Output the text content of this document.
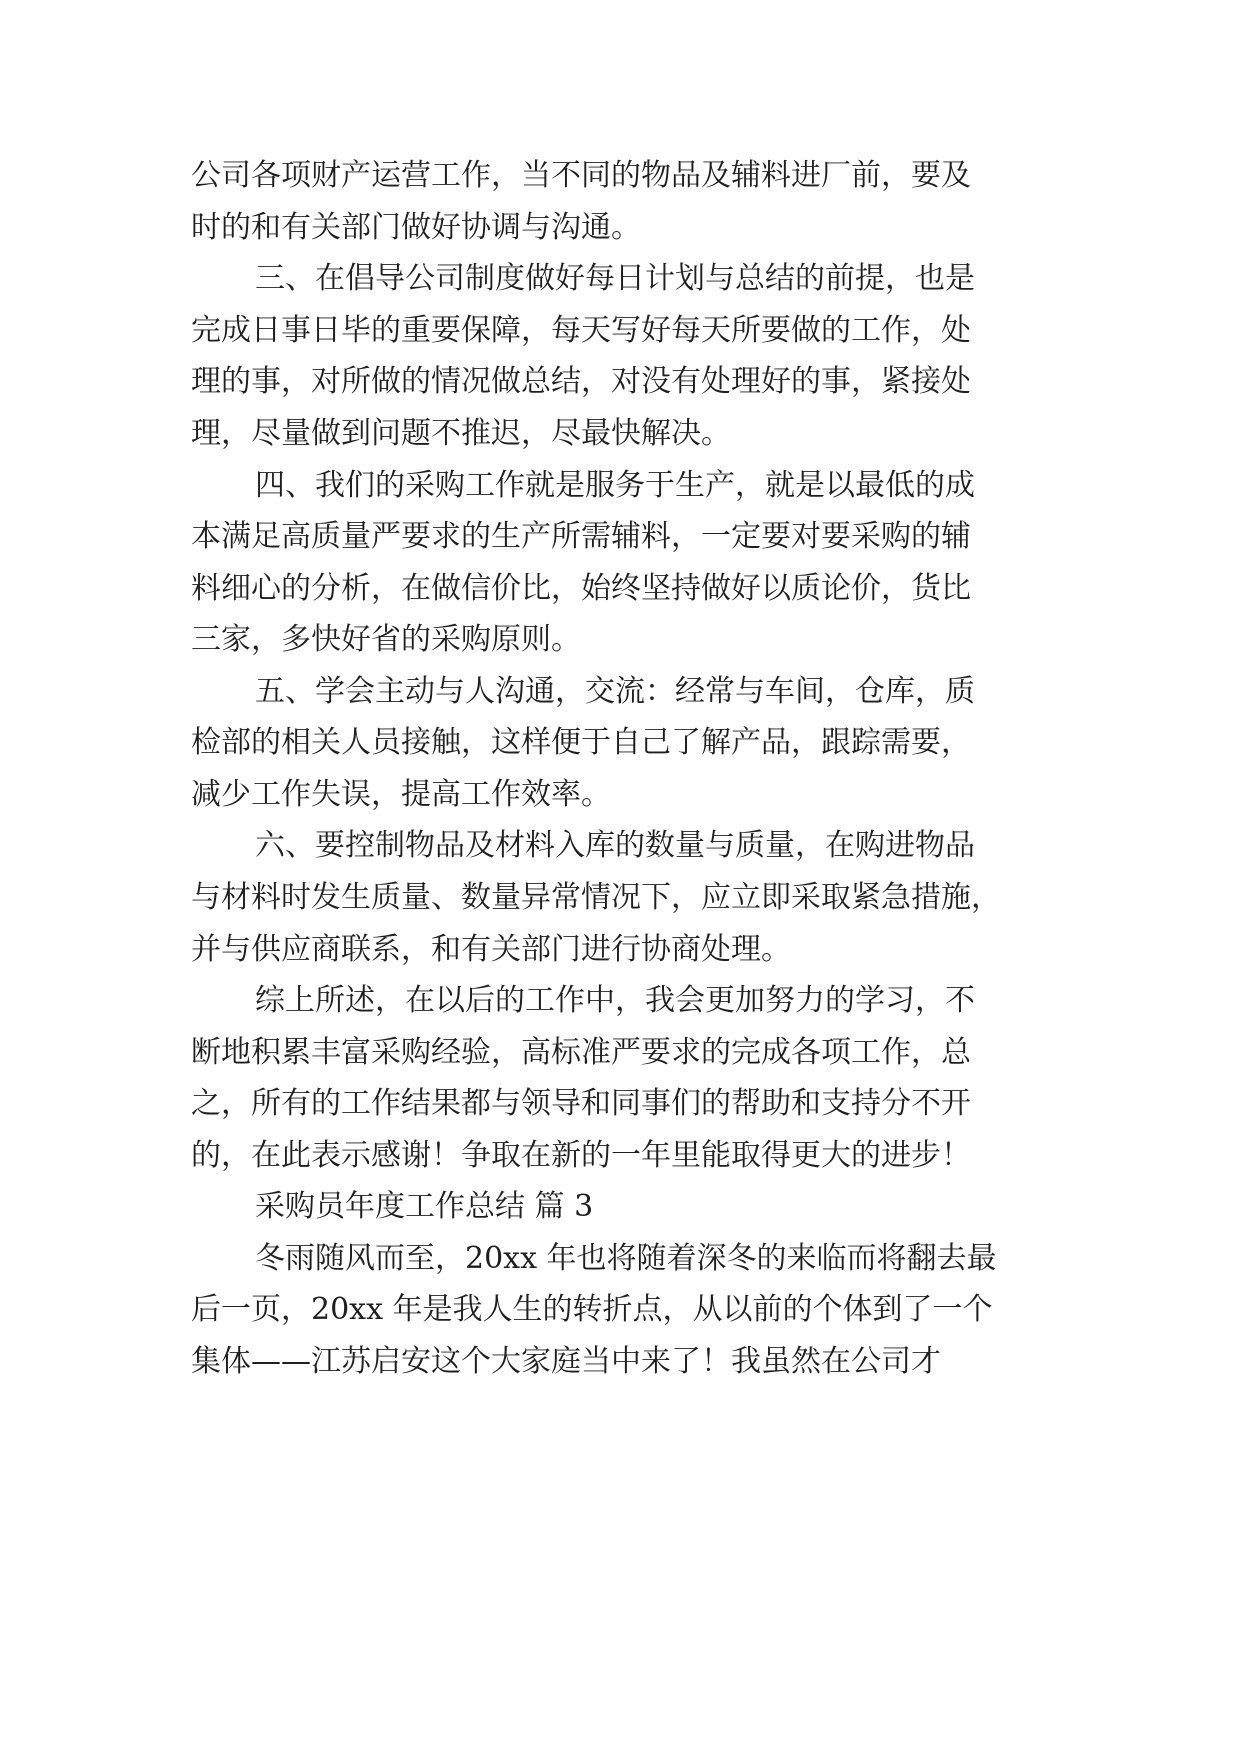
公司各项财产运营工作，当不同的物品及辅料进厂前，要及
时的和有关部门做好协调与沟通。
三、在倡导公司制度做好每日计划与总结的前提，也是
完成日事日毕的重要保障，每天写好每天所要做的工作，处
理的事，对所做的情况做总结，对没有处理好的事，紧接处
理，尽量做到问题不推迟，尽最快解决。
四、我们的采购工作就是服务于生产，就是以最低的成
本满足高质量严要求的生产所需辅料，一定要对要采购的辅
料细心的分析，在做信价比，始终坚持做好以质论价，货比
三家，多快好省的采购原则。
五、学会主动与人沟通，交流：经常与车间，仓库，质
检部的相关人员接触，这样便于自己了解产品，跟踪需要，
减少工作失误，提高工作效率。
六、要控制物品及材料入库的数量与质量，在购进物品
与材料时发生质量、数量异常情况下，应立即采取紧急措施，
并与供应商联系，和有关部门进行协商处理。
综上所述，在以后的工作中，我会更加努力的学习，不
断地积累丰富采购经验，高标准严要求的完成各项工作，总
之，所有的工作结果都与领导和同事们的帮助和支持分不开
的，在此表示感谢！争取在新的一年里能取得更大的进步！
采购员年度工作总结 篇 3
冬雨随风而至，20xx 年也将随着深冬的来临而将翻去最
后一页，20xx 年是我人生的转折点，从以前的个体到了一个
集体——江苏启安这个大家庭当中来了！我虽然在公司才
